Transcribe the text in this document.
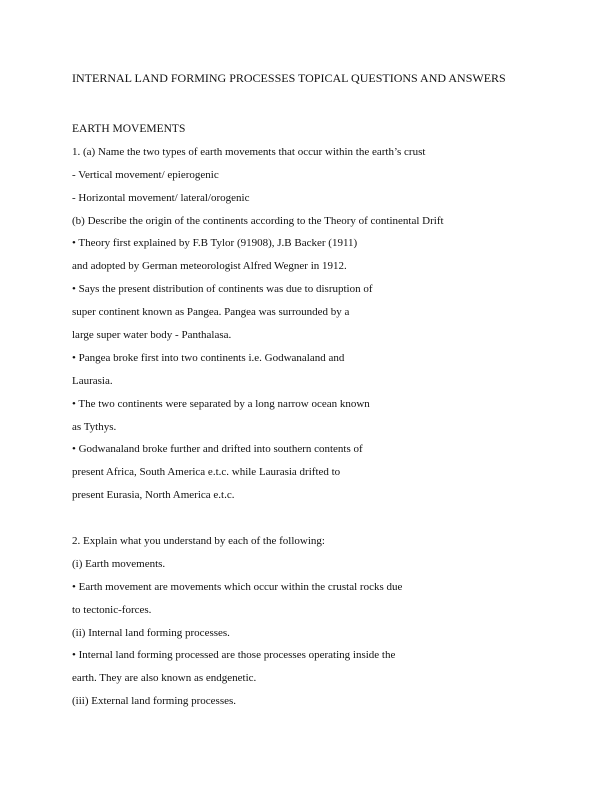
INTERNAL LAND FORMING PROCESSES TOPICAL QUESTIONS AND ANSWERS
EARTH MOVEMENTS
1. (a) Name the two types of earth movements that occur within the earth’s crust
- Vertical movement/ epierogenic
- Horizontal movement/ lateral/orogenic
(b) Describe the origin of the continents according to the Theory of continental Drift
• Theory first explained by F.B Tylor (91908), J.B Backer (1911)
and adopted by German meteorologist Alfred Wegner in 1912.
• Says the present distribution of continents was due to disruption of
super continent known as Pangea. Pangea was surrounded by a
large super water body - Panthalasa.
• Pangea broke first into two continents i.e. Godwanaland and
Laurasia.
• The two continents were separated by a long narrow ocean known
as Tythys.
• Godwanaland broke further and drifted into southern contents of
present Africa, South America e.t.c. while Laurasia drifted to
present Eurasia, North America e.t.c.
2. Explain what you understand by each of the following:
(i) Earth movements.
• Earth movement are movements which occur within the crustal rocks due
to tectonic-forces.
(ii) Internal land forming processes.
• Internal land forming processed are those processes operating inside the
earth. They are also known as endgenetic.
(iii) External land forming processes.
